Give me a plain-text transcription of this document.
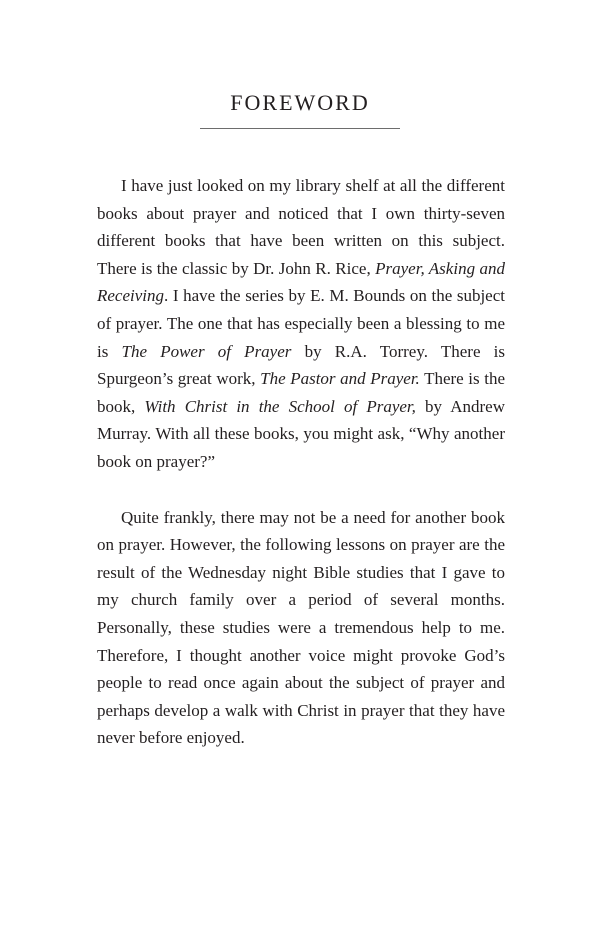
FOREWORD

I have just looked on my library shelf at all the different books about prayer and noticed that I own thirty-seven different books that have been written on this subject. There is the classic by Dr. John R. Rice, Prayer, Asking and Receiving. I have the series by E. M. Bounds on the subject of prayer. The one that has especially been a blessing to me is The Power of Prayer by R.A. Torrey. There is Spurgeon’s great work, The Pastor and Prayer. There is the book, With Christ in the School of Prayer, by Andrew Murray. With all these books, you might ask, “Why another book on prayer?”

Quite frankly, there may not be a need for another book on prayer. However, the following lessons on prayer are the result of the Wednesday night Bible studies that I gave to my church family over a period of several months. Personally, these studies were a tremendous help to me. Therefore, I thought another voice might provoke God’s people to read once again about the subject of prayer and perhaps develop a walk with Christ in prayer that they have never before enjoyed.
